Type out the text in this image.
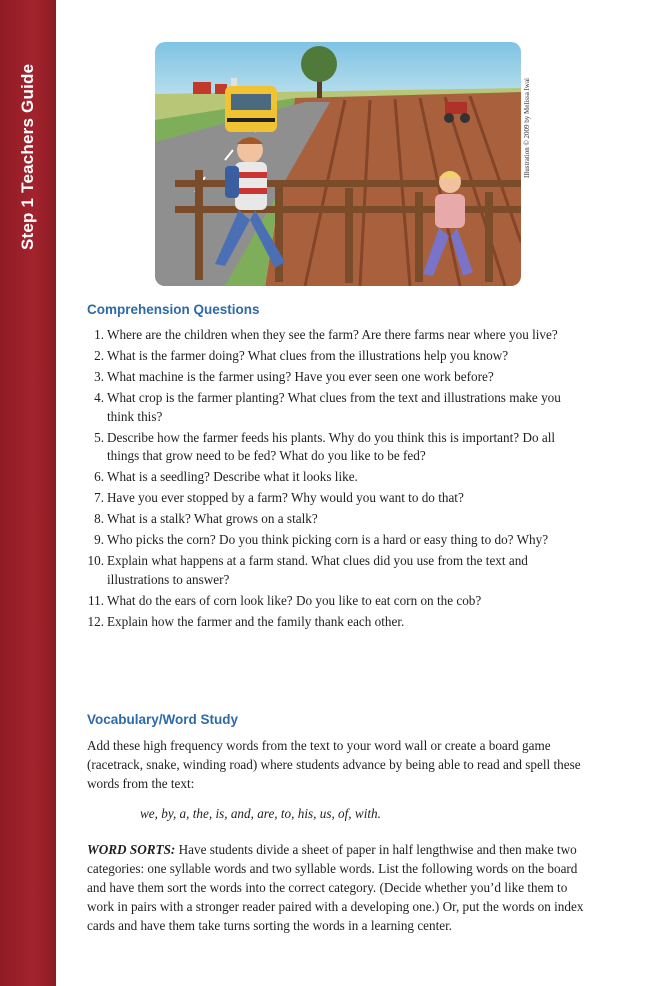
Step 1 Teachers Guide	Illustration © 2009 by Melissa Iwai
Comprehension Questions
1. Where are the children when they see the farm? Are there farms near where you live?
2. What is the farmer doing? What clues from the illustrations help you know?
3. What machine is the farmer using? Have you ever seen one work before?
4. What crop is the farmer planting? What clues from the text and illustrations make you think this?
5. Describe how the farmer feeds his plants. Why do you think this is important? Do all things that grow need to be fed? What do you like to be fed?
6. What is a seedling? Describe what it looks like.
7. Have you ever stopped by a farm? Why would you want to do that?
8. What is a stalk? What grows on a stalk?
9. Who picks the corn? Do you think picking corn is a hard or easy thing to do? Why?
10. Explain what happens at a farm stand. What clues did you use from the text and illustrations to answer?
11. What do the ears of corn look like? Do you like to eat corn on the cob?
12. Explain how the farmer and the family thank each other.
Vocabulary/Word Study

Add these high frequency words from the text to your word wall or create a board game (racetrack, snake, winding road) where students advance by being able to read and spell these words from the text:

we, by, a, the, is, and, are, to, his, us, of, with.

WORD SORTS: Have students divide a sheet of paper in half lengthwise and then make two categories: one syllable words and two syllable words. List the following words on the board and have them sort the words into the correct category. (Decide whether you’d like them to work in pairs with a stronger reader paired with a developing one.) Or, put the words on index cards and have them take turns sorting the words in a learning center.
